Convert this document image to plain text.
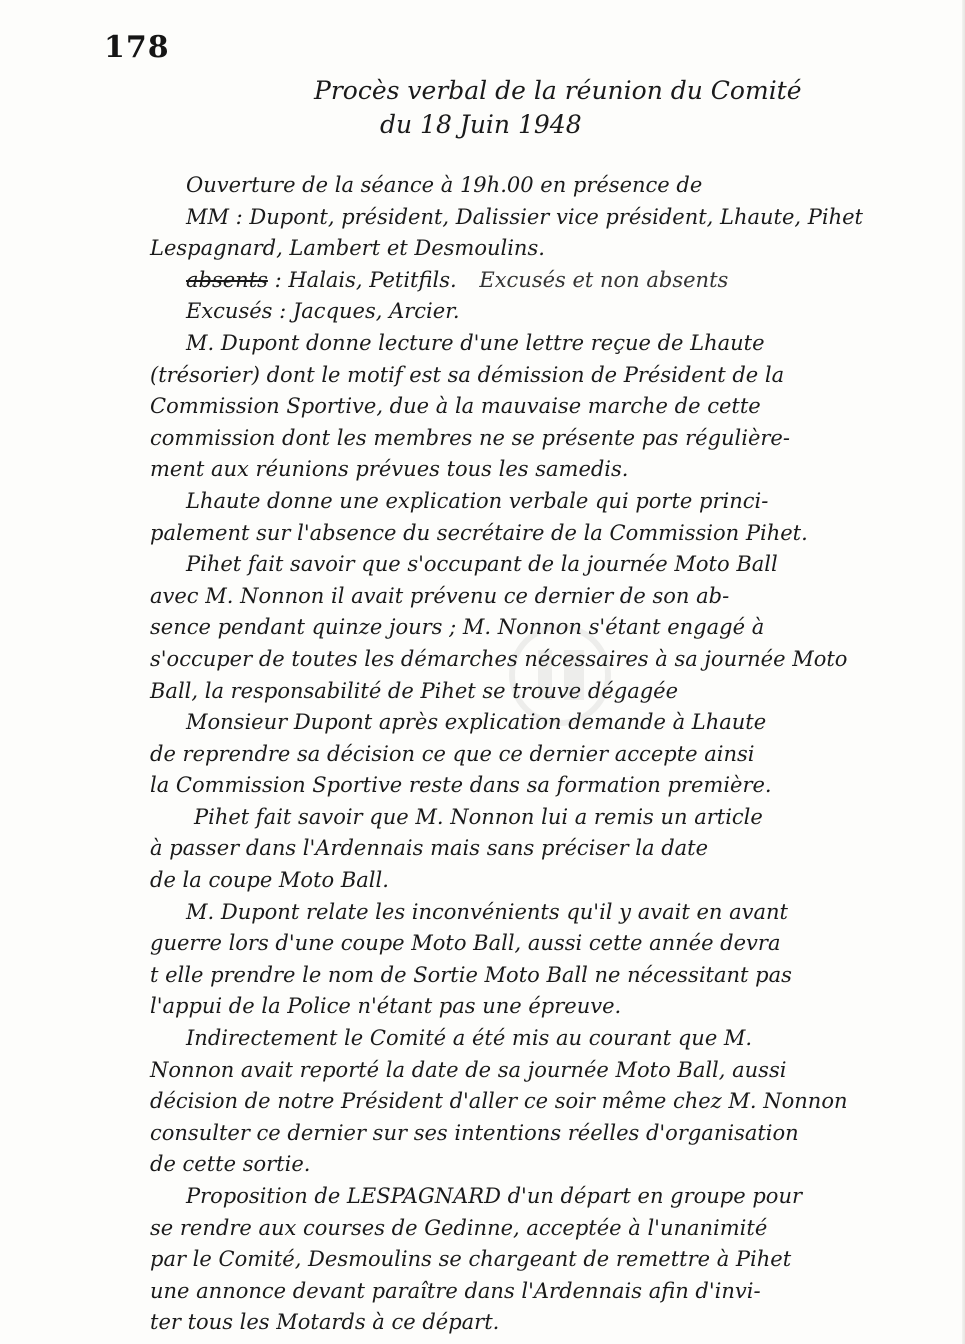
178
Procès verbal de la réunion du Comité
du 18 Juin 1948
Ouverture de la séance à 19h.00 en présence de
MM : Dupont, président, Dalissier vice président, Lhaute, Pihet
Lespagnard, Lambert et Desmoulins.
absents : Halais, Petitfils. Excusés et non absents
Excusés : Jacques, Arcier.
M. Dupont donne lecture d'une lettre reçue de Lhaute
(trésorier) dont le motif est sa démission de Président de la
Commission Sportive, due à la mauvaise marche de cette
commission dont les membres ne se présente pas régulière-
ment aux réunions prévues tous les samedis.
Lhaute donne une explication verbale qui porte princi-
palement sur l'absence du secrétaire de la Commission Pihet.
Pihet fait savoir que s'occupant de la journée Moto Ball
avec M. Nonnon il avait prévenu ce dernier de son ab-
sence pendant quinze jours ; M. Nonnon s'étant engagé à
s'occuper de toutes les démarches nécessaires à sa journée Moto
Ball, la responsabilité de Pihet se trouve dégagée
Monsieur Dupont après explication demande à Lhaute
de reprendre sa décision ce que ce dernier accepte ainsi
la Commission Sportive reste dans sa formation première.
Pihet fait savoir que M. Nonnon lui a remis un article
à passer dans l'Ardennais mais sans préciser la date
de la coupe Moto Ball.
M. Dupont relate les inconvénients qu'il y avait en avant
guerre lors d'une coupe Moto Ball, aussi cette année devra
t elle prendre le nom de Sortie Moto Ball ne nécessitant pas
l'appui de la Police n'étant pas une épreuve.
Indirectement le Comité a été mis au courant que M.
Nonnon avait reporté la date de sa journée Moto Ball, aussi
décision de notre Président d'aller ce soir même chez M. Nonnon
consulter ce dernier sur ses intentions réelles d'organisation
de cette sortie.
Proposition de LESPAGNARD d'un départ en groupe pour
se rendre aux courses de Gedinne, acceptée à l'unanimité
par le Comité, Desmoulins se chargeant de remettre à Pihet
une annonce devant paraître dans l'Ardennais afin d'invi-
ter tous les Motards à ce départ.
